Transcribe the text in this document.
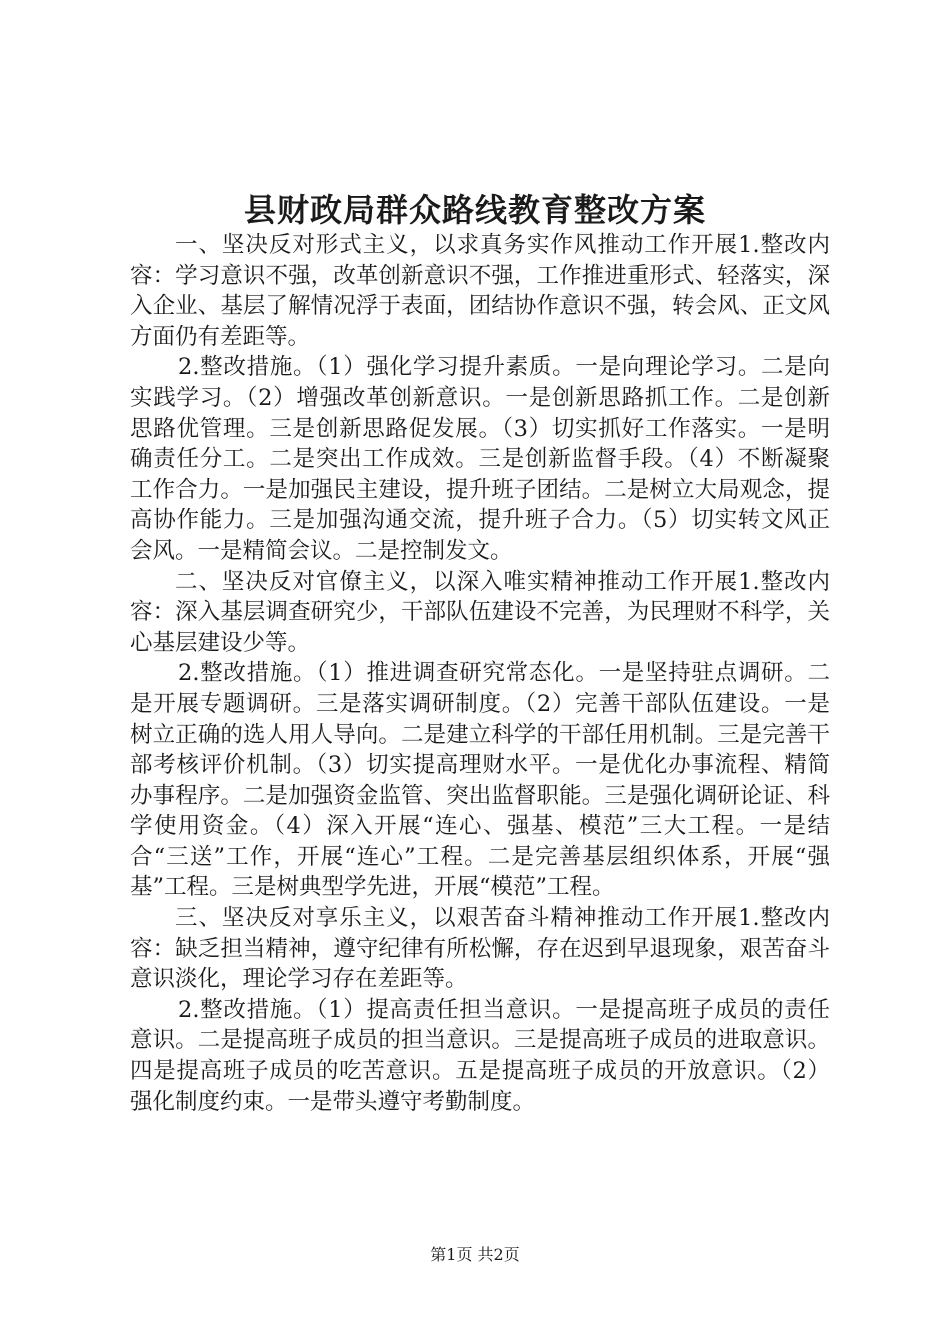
县财政局群众路线教育整改方案

一、坚决反对形式主义，以求真务实作风推动工作开展1.整改内容：学习意识不强，改革创新意识不强，工作推进重形式、轻落实，深入企业、基层了解情况浮于表面，团结协作意识不强，转会风、正文风方面仍有差距等。

2.整改措施。（1）强化学习提升素质。一是向理论学习。二是向实践学习。（2）增强改革创新意识。一是创新思路抓工作。二是创新思路优管理。三是创新思路促发展。（3）切实抓好工作落实。一是明确责任分工。二是突出工作成效。三是创新监督手段。（4）不断凝聚工作合力。一是加强民主建设，提升班子团结。二是树立大局观念，提高协作能力。三是加强沟通交流，提升班子合力。（5）切实转文风正会风。一是精简会议。二是控制发文。

二、坚决反对官僚主义，以深入唯实精神推动工作开展1.整改内容：深入基层调查研究少，干部队伍建设不完善，为民理财不科学，关心基层建设少等。

2.整改措施。（1）推进调查研究常态化。一是坚持驻点调研。二是开展专题调研。三是落实调研制度。（2）完善干部队伍建设。一是树立正确的选人用人导向。二是建立科学的干部任用机制。三是完善干部考核评价机制。（3）切实提高理财水平。一是优化办事流程、精简办事程序。二是加强资金监管、突出监督职能。三是强化调研论证、科学使用资金。（4）深入开展“连心、强基、模范”三大工程。一是结合“三送”工作，开展“连心”工程。二是完善基层组织体系，开展“强基”工程。三是树典型学先进，开展“模范”工程。

三、坚决反对享乐主义，以艰苦奋斗精神推动工作开展1.整改内容：缺乏担当精神，遵守纪律有所松懈，存在迟到早退现象，艰苦奋斗意识淡化，理论学习存在差距等。

2.整改措施。（1）提高责任担当意识。一是提高班子成员的责任意识。二是提高班子成员的担当意识。三是提高班子成员的进取意识。四是提高班子成员的吃苦意识。五是提高班子成员的开放意识。（2）强化制度约束。一是带头遵守考勤制度。

第1页 共2页
